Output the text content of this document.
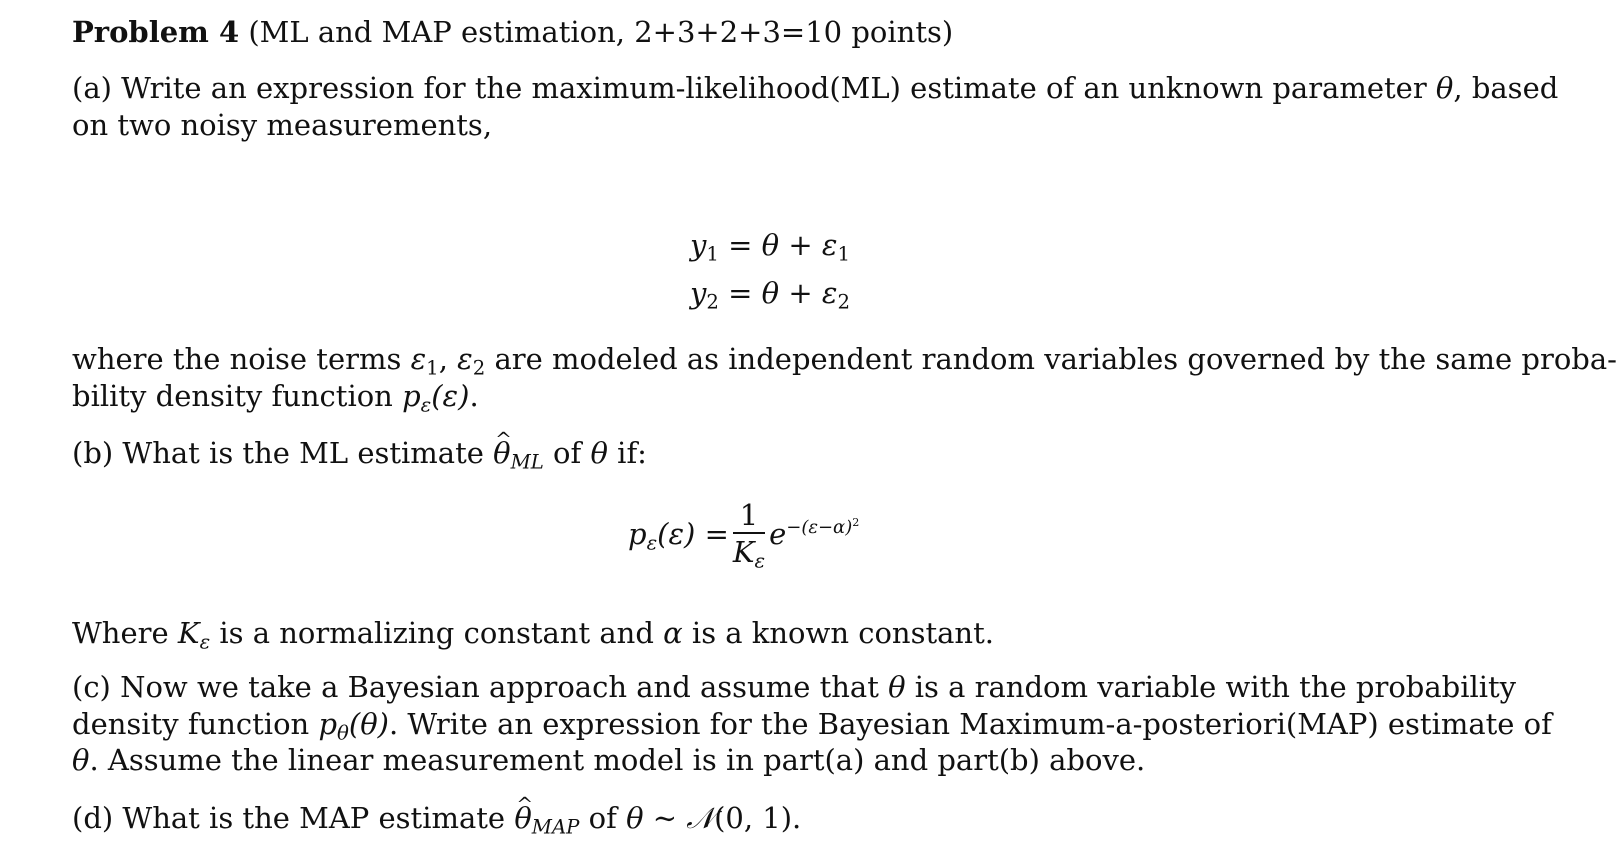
Problem 4 (ML and MAP estimation, 2+3+2+3=10 points)
(a) Write an expression for the maximum-likelihood(ML) estimate of an unknown parameter θ, based
on two noisy measurements,
$y_1 = \theta + \varepsilon_1$
$y_2 = \theta + \varepsilon_2$
where the noise terms $\varepsilon_1$, $\varepsilon_2$ are modeled as independent random variables governed by the same proba-
bility density function $p_\varepsilon(\varepsilon)$.
(b) What is the ML estimate ^ $\theta_{ML}$ of θ if:
$p_\varepsilon(\varepsilon) = \frac{1}{K_\varepsilon} e^{-(\varepsilon-\alpha)^2}$
Where $K_\varepsilon$ is a normalizing constant and α is a known constant.
(c) Now we take a Bayesian approach and assume that θ is a random variable with the probability
density function $p_\theta(\theta)$. Write an expression for the Bayesian Maximum-a-posteriori(MAP) estimate of
θ. Assume the linear measurement model is in part(a) and part(b) above.
(d) What is the MAP estimate ^ $\theta_{MAP}$ of θ ∼ 𝒩(0, 1).
